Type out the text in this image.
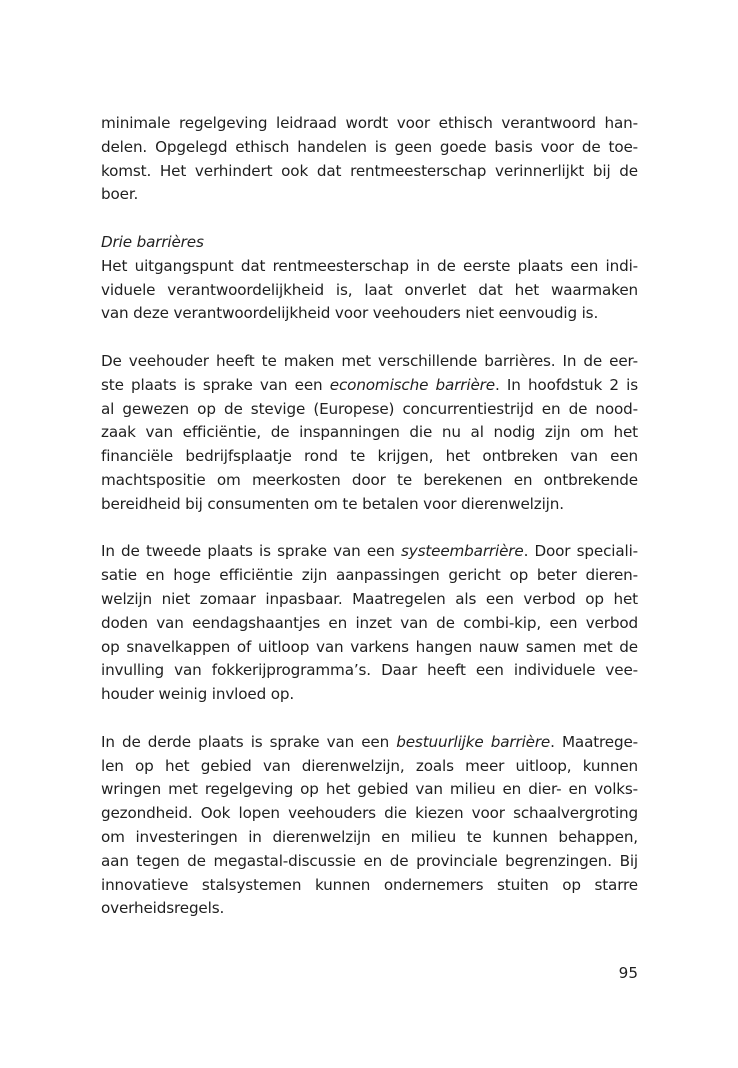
minimale regelgeving leidraad wordt voor ethisch verantwoord han-
delen. Opgelegd ethisch handelen is geen goede basis voor de toe-
komst. Het verhindert ook dat rentmeesterschap verinnerlijkt bij de
boer.
Drie barrières
Het uitgangspunt dat rentmeesterschap in de eerste plaats een indi-
viduele verantwoordelijkheid is, laat onverlet dat het waarmaken
van deze verantwoordelijkheid voor veehouders niet eenvoudig is.
De veehouder heeft te maken met verschillende barrières. In de eer-
ste plaats is sprake van een economische barrière. In hoofdstuk 2 is
al gewezen op de stevige (Europese) concurrentiestrijd en de nood-
zaak van efficiëntie, de inspanningen die nu al nodig zijn om het
financiële bedrijfsplaatje rond te krijgen, het ontbreken van een
machtspositie om meerkosten door te berekenen en ontbrekende
bereidheid bij consumenten om te betalen voor dierenwelzijn.
In de tweede plaats is sprake van een systeembarrière. Door speciali-
satie en hoge efficiëntie zijn aanpassingen gericht op beter dieren-
welzijn niet zomaar inpasbaar. Maatregelen als een verbod op het
doden van eendagshaantjes en inzet van de combi-kip, een verbod
op snavelkappen of uitloop van varkens hangen nauw samen met de
invulling van fokkerijprogramma’s. Daar heeft een individuele vee-
houder weinig invloed op.
In de derde plaats is sprake van een bestuurlijke barrière. Maatrege-
len op het gebied van dierenwelzijn, zoals meer uitloop, kunnen
wringen met regelgeving op het gebied van milieu en dier- en volks-
gezondheid. Ook lopen veehouders die kiezen voor schaalvergroting
om investeringen in dierenwelzijn en milieu te kunnen behappen,
aan tegen de megastal-discussie en de provinciale begrenzingen. Bij
innovatieve stalsystemen kunnen ondernemers stuiten op starre
overheidsregels.
95
